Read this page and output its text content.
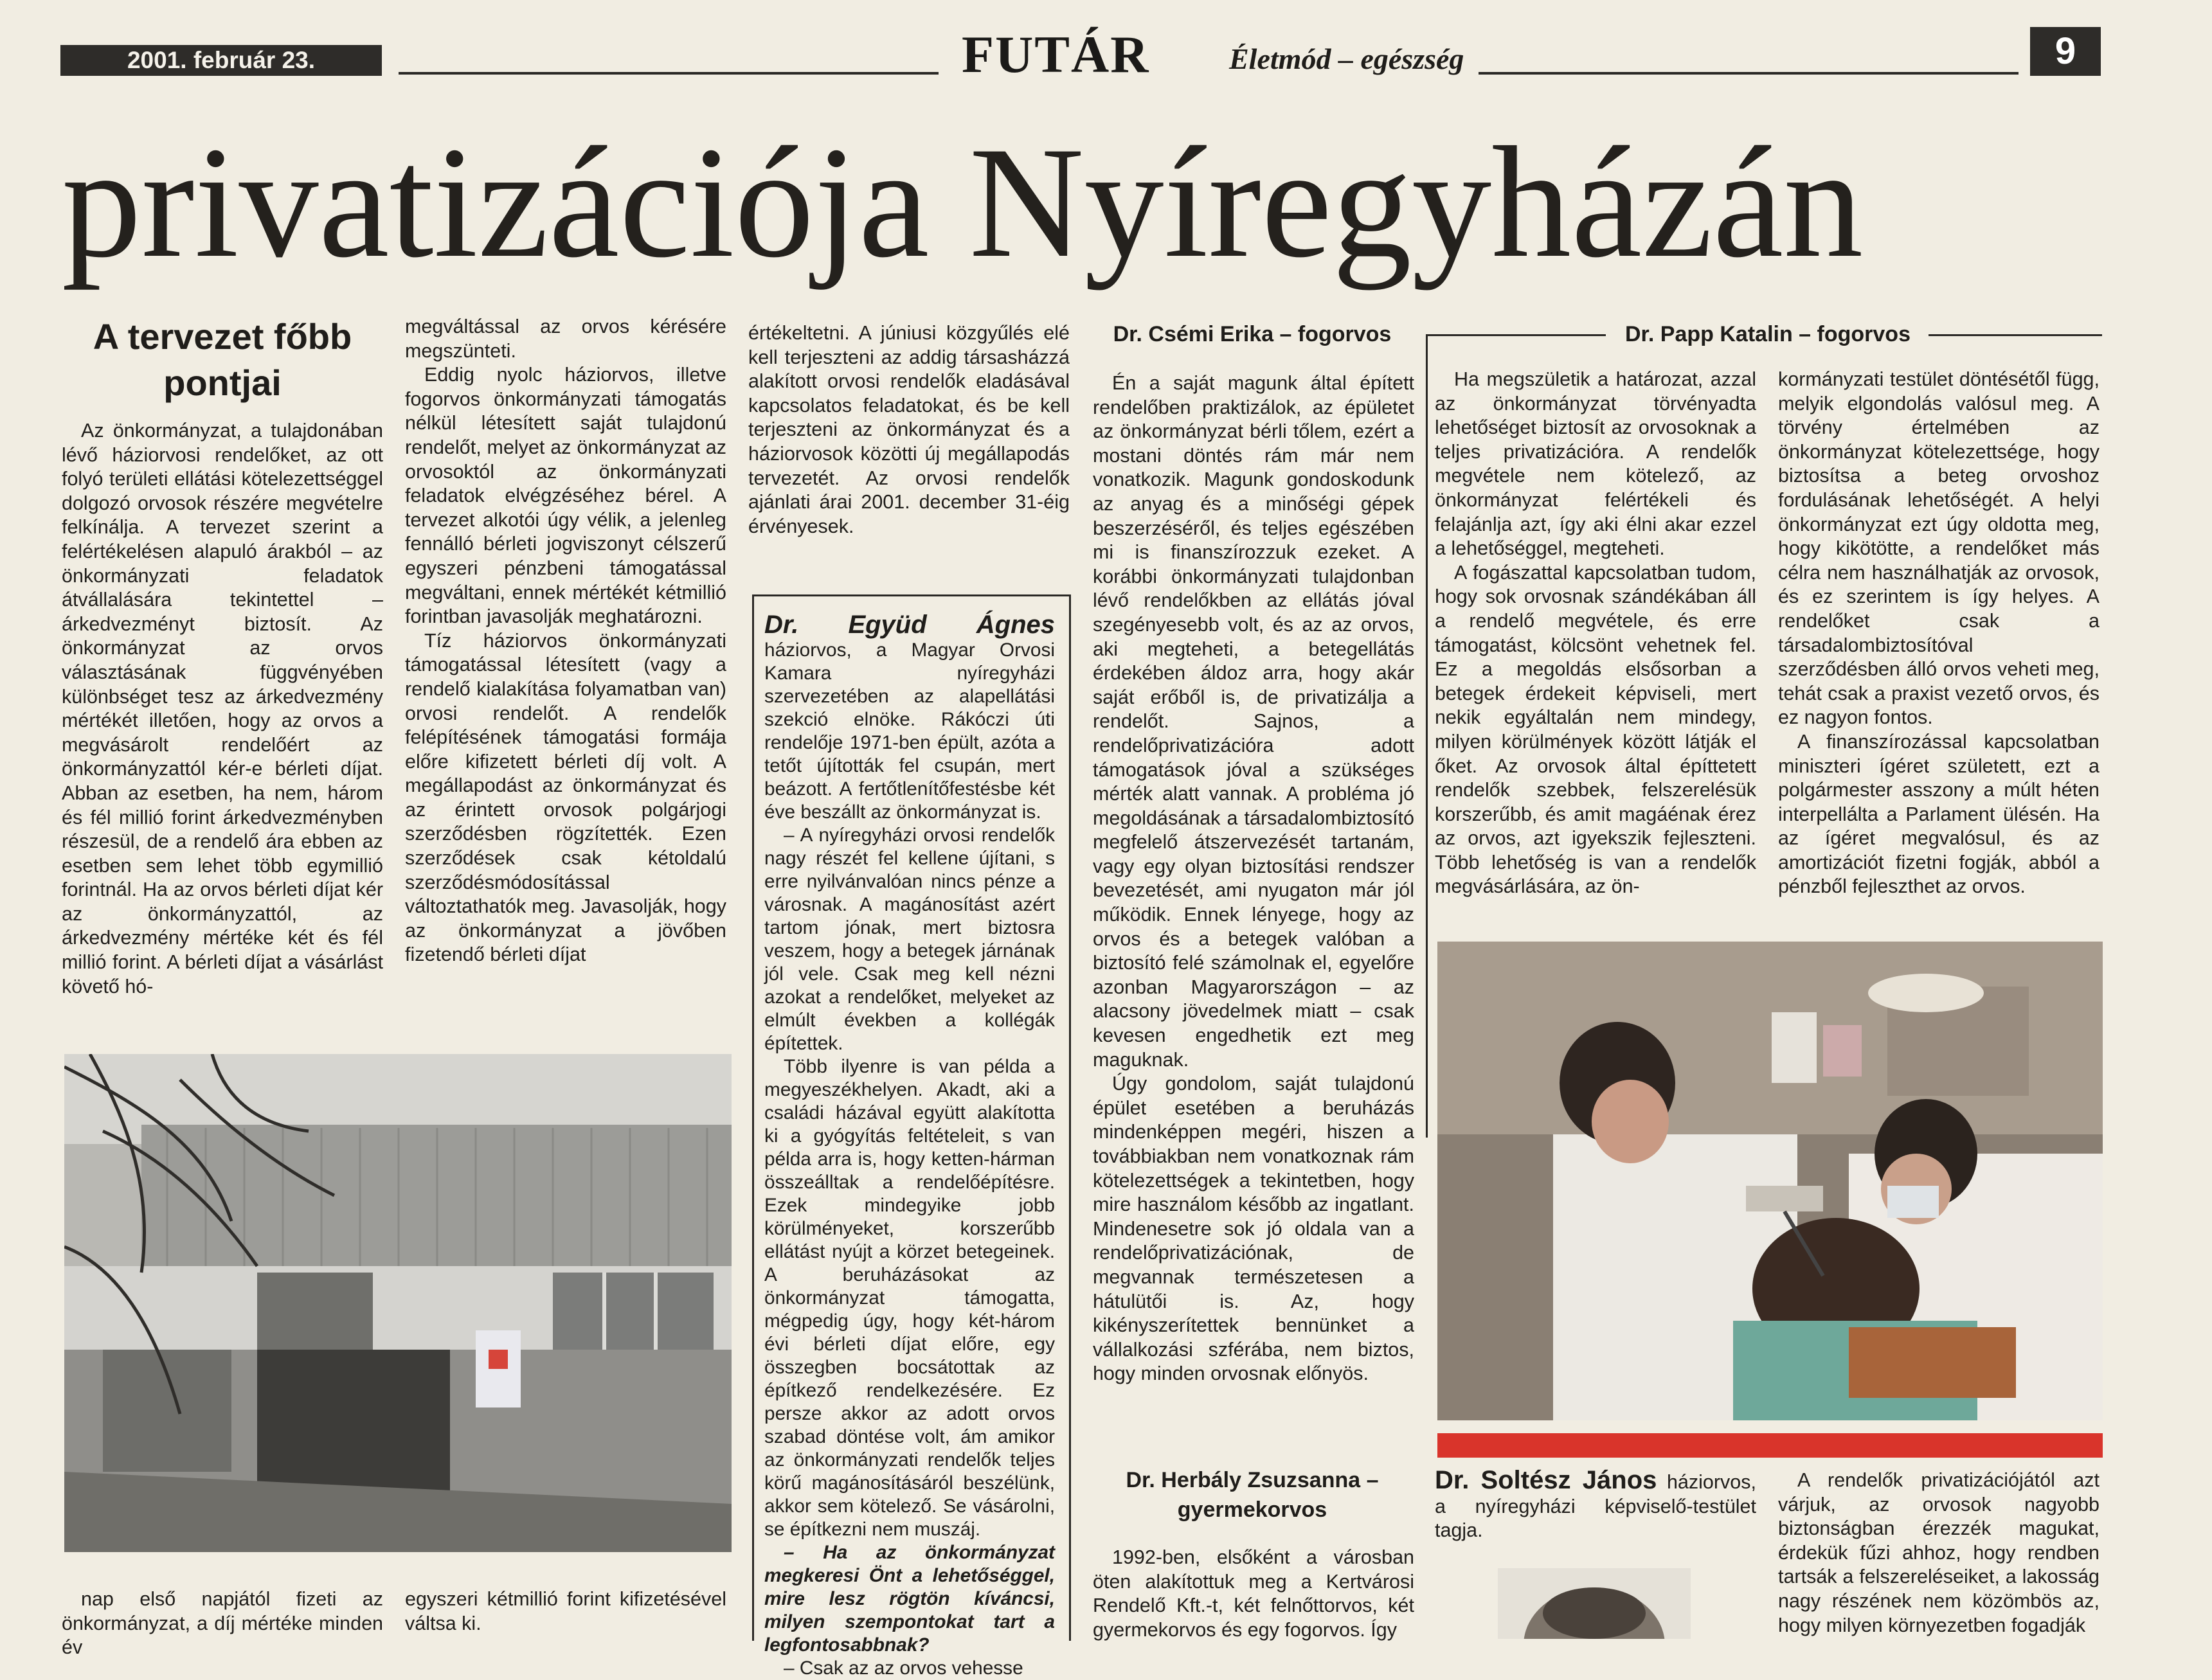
2001. február 23.	FUTÁR	Életmód – egészség	9
privatizációja Nyíregyházán
A tervezet főbb pontjai

Az önkormányzat, a tulajdonában lévő háziorvosi rendelőket, az ott folyó területi ellátási kötelezettséggel dolgozó orvosok részére megvételre felkínálja. A tervezet szerint a felértékelésen alapuló árakból – az önkormányzati feladatok átvállalására tekintettel – árkedvezményt biztosít. Az önkormányzat az orvos választásának függvényében különbséget tesz az árkedvezmény mértékét illetően, hogy az orvos a megvásárolt rendelőért az önkormányzattól kér-e bérleti díjat. Abban az esetben, ha nem, három és fél millió forint árkedvezményben részesül, de a rendelő ára ebben az esetben sem lehet több egymillió forintnál. Ha az orvos bérleti díjat kér az önkormányzattól, az árkedvezmény mértéke két és fél millió forint. A bérleti díjat a vásárlást követő hó-

nap első napjától fizeti az önkormányzat, a díj mértéke minden év

megváltással az orvos kérésére megszünteti.

Eddig nyolc háziorvos, illetve fogorvos önkormányzati támogatás nélkül létesített saját tulajdonú rendelőt, melyet az önkormányzat az orvosoktól az önkormányzati feladatok elvégzéséhez bérel. A tervezet alkotói úgy vélik, a jelenleg fennálló bérleti jogviszonyt célszerű egyszeri pénzbeni támogatással megváltani, ennek mértékét kétmillió forintban javasolják meghatározni.

Tíz háziorvos önkormányzati támogatással létesített (vagy a rendelő kialakítása folyamatban van) orvosi rendelőt. A rendelők felépítésének támogatási formája előre kifizetett bérleti díj volt. A megállapodást az önkormányzat és az érintett orvosok polgárjogi szerződésben rögzítették. Ezen szerződések csak kétoldalú szerződésmódosítással változtathatók meg. Javasolják, hogy az önkormányzat a jövőben fizetendő bérleti díjat

egyszeri kétmillió forint kifizetésével váltsa ki.

értékeltetni. A júniusi közgyűlés elé kell terjeszteni az addig társasházzá alakított orvosi rendelők eladásával kapcsolatos feladatokat, és be kell terjeszteni az önkormányzat és a háziorvosok közötti új megállapodás tervezetét. Az orvosi rendelők ajánlati árai 2001. december 31-éig érvényesek.

Dr. Együd Ágnes háziorvos, a Magyar Orvosi Kamara nyíregyházi szervezetében az alapellátási szekció elnöke. Rákóczi úti rendelője 1971-ben épült, azóta a tetőt újították fel csupán, mert beázott. A fertőtlenítőfestésbe két éve beszállt az önkormányzat is.

– A nyíregyházi orvosi rendelők nagy részét fel kellene újítani, s erre nyilvánvalóan nincs pénze a városnak. A magánosítást azért tartom jónak, mert biztosra veszem, hogy a betegek járnának jól vele. Csak meg kell nézni azokat a rendelőket, melyeket az elmúlt években a kollégák építettek.

Több ilyenre is van példa a megyeszékhelyen. Akadt, aki a családi házával együtt alakította ki a gyógyítás feltételeit, s van példa arra is, hogy ketten-hárman összeálltak a rendelőépítésre. Ezek mindegyike jobb körülményeket, korszerűbb ellátást nyújt a körzet betegeinek. A beruházásokat az önkormányzat támogatta, mégpedig úgy, hogy két-három évi bérleti díjat előre, egy összegben bocsátottak az építkező rendelkezésére. Ez persze akkor az adott orvos szabad döntése volt, ám amikor az önkormányzati rendelők teljes körű magánosításáról beszélünk, akkor sem kötelező. Se vásárolni, se építkezni nem muszáj.

– Ha az önkormányzat megkeresi Önt a lehetőséggel, mire lesz rögtön kíváncsi, milyen szempontokat tart a legfontosabbnak?

– Csak az az orvos vehesse

Dr. Csémi Erika – fogorvos

Én a saját magunk által épített rendelőben praktizálok, az épületet az önkormányzat bérli tőlem, ezért a mostani döntés rám már nem vonatkozik. Magunk gondoskodunk az anyag és a minőségi gépek beszerzéséről, és teljes egészében mi is finanszírozzuk ezeket. A korábbi önkormányzati tulajdonban lévő rendelőkben az ellátás jóval szegényesebb volt, és az az orvos, aki megteheti, a betegellátás érdekében áldoz arra, hogy akár saját erőből is, de privatizálja a rendelőt. Sajnos, a rendelőprivatizációra adott támogatások jóval a szükséges mérték alatt vannak. A probléma jó megoldásának a társadalombiztosító megfelelő átszervezését tartanám, vagy egy olyan biztosítási rendszer bevezetését, ami nyugaton már jól működik. Ennek lényege, hogy az orvos és a betegek valóban a biztosító felé számolnak el, egyelőre azonban Magyarországon – az alacsony jövedelmek miatt – csak kevesen engedhetik ezt meg maguknak.

Úgy gondolom, saját tulajdonú épület esetében a beruházás mindenképpen megéri, hiszen a továbbiakban nem vonatkoznak rám kötelezettségek a tekintetben, hogy mire használom később az ingatlant. Mindenesetre sok jó oldala van a rendelőprivatizációnak, de megvannak természetesen a hátulütői is. Az, hogy kikényszerítettek bennünket a vállalkozási szférába, nem biztos, hogy minden orvosnak előnyös.

Dr. Herbály Zsuzsanna – gyermekorvos

1992-ben, elsőként a városban öten alakítottuk meg a Kertvárosi Rendelő Kft.-t, két felnőttorvos, két gyermekorvos és egy fogorvos. Így

Dr. Papp Katalin – fogorvos

Ha megszületik a határozat, azzal az önkormányzat törvényadta lehetőséget biztosít az orvosoknak a teljes privatizációra. A rendelők megvétele nem kötelező, az önkormányzat felértékeli és felajánlja azt, így aki élni akar ezzel a lehetőséggel, megteheti.

A fogászattal kapcsolatban tudom, hogy sok orvosnak szándékában áll a rendelő megvétele, és erre támogatást, kölcsönt vehetnek fel. Ez a megoldás elsősorban a betegek érdekeit képviseli, mert nekik egyáltalán nem mindegy, milyen körülmények között látják el őket. Az orvosok által építtetett rendelők szebbek, felszerelésük korszerűbb, és amit magáénak érez az orvos, azt igyekszik fejleszteni. Több lehetőség is van a rendelők megvásárlására, az ön-

kormányzati testület döntésétől függ, melyik elgondolás valósul meg. A törvény értelmében az önkormányzat kötelezettsége, hogy biztosítsa a beteg orvoshoz fordulásának lehetőségét. A helyi önkormányzat ezt úgy oldotta meg, hogy kikötötte, a rendelőket más célra nem használhatják az orvosok, és ez szerintem is így helyes. A rendelőket csak a társadalombiztosítóval szerződésben álló orvos veheti meg, tehát csak a praxist vezető orvos, és ez nagyon fontos.

A finanszírozással kapcsolatban miniszteri ígéret született, ezt a polgármester asszony a múlt héten interpellálta a Parlament ülésén. Ha az ígéret megvalósul, és az amortizációt fizetni fogják, abból a pénzből fejleszthet az orvos.

Dr. Soltész János háziorvos, a nyíregyházi képviselő-testület tagja.

A rendelők privatizációjától azt várjuk, az orvosok nagyobb biztonságban érezzék magukat, érdekük fűzi ahhoz, hogy rendben tartsák a felszereléseiket, a lakosság nagy részének nem közömbös az, hogy milyen környezetben fogadják
